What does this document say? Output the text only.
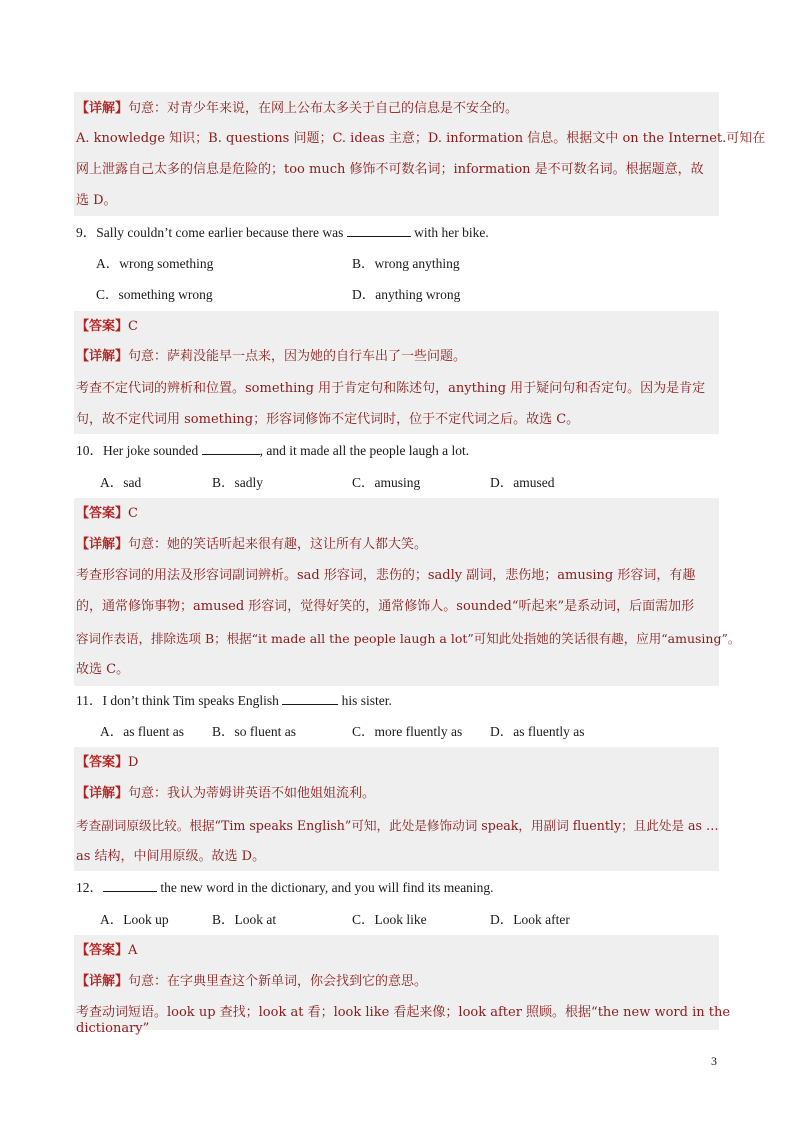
【详解】句意：对青少年来说，在网上公布太多关于自己的信息是不安全的。
A. knowledge 知识；B. questions 问题；C. ideas 主意；D. information 信息。根据文中 on the Internet.可知在
网上泄露自己太多的信息是危险的；too much 修饰不可数名词；information 是不可数名词。根据题意，故
选 D。
9．Sally couldn’t come earlier because there was	with her bike.
A．wrong something	B．wrong anything
C．something wrong	D．anything wrong
【答案】C
【详解】句意：萨莉没能早一点来，因为她的自行车出了一些问题。
考查不定代词的辨析和位置。something 用于肯定句和陈述句，anything 用于疑问句和否定句。因为是肯定
句，故不定代词用 something；形容词修饰不定代词时，位于不定代词之后。故选 C。
10．Her joke sounded	, and it made all the people laugh a lot.
A．sad	B．sadly	C．amusing	D．amused
【答案】C
【详解】句意：她的笑话听起来很有趣，这让所有人都大笑。
考查形容词的用法及形容词副词辨析。sad 形容词，悲伤的；sadly 副词，悲伤地；amusing 形容词，有趣
的，通常修饰事物；amused 形容词，觉得好笑的，通常修饰人。sounded“听起来”是系动词，后面需加形
容词作表语，排除选项 B；根据“it made all the people laugh a lot”可知此处指她的笑话很有趣，应用“amusing”。
故选 C。
11．I don’t think Tim speaks English	his sister.
A．as fluent as B．so fluent as	C．more fluently as D．as fluently as
【答案】D
【详解】句意：我认为蒂姆讲英语不如他姐姐流利。
考查副词原级比较。根据“Tim speaks English”可知，此处是修饰动词 speak，用副词 fluently；且此处是 as …
as 结构，中间用原级。故选 D。
12．	the new word in the dictionary, and you will find its meaning.
A．Look up	B．Look at	C．Look like	D．Look after
【答案】A
【详解】句意：在字典里查这个新单词，你会找到它的意思。
考查动词短语。look up 查找；look at 看；look like 看起来像；look after 照顾。根据“the new word in the
dictionary”
3
